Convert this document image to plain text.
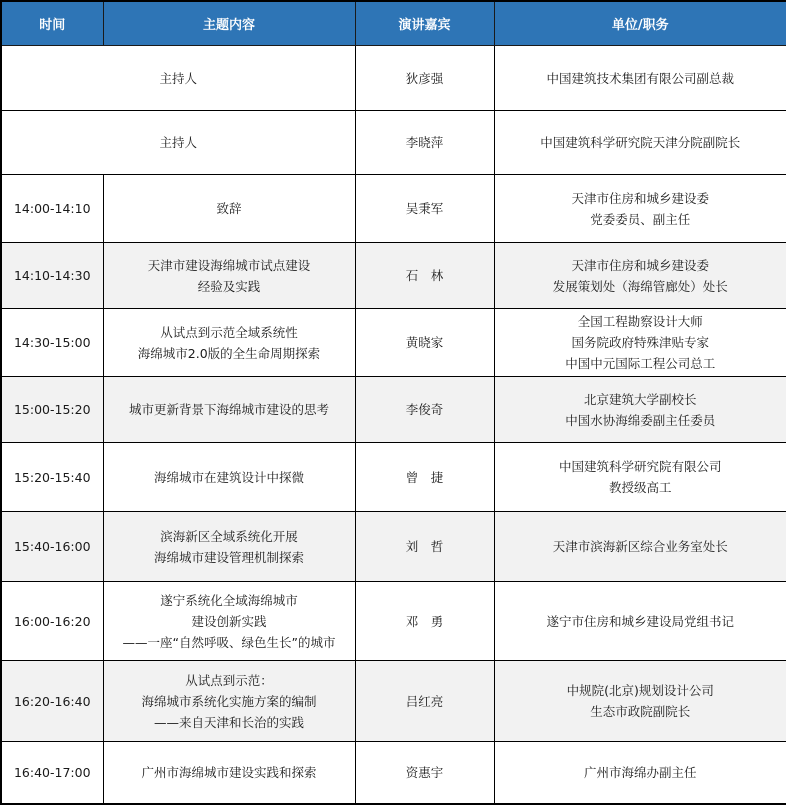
时间	主题内容	演讲嘉宾	单位/职务

主持人		狄彦强	中国建筑技术集团有限公司副总裁

主持人		李晓萍	中国建筑科学研究院天津分院副院长

14:00-14:10	致辞	吴秉军	天津市住房和城乡建设委
党委委员、副主任

14:10-14:30	天津市建设海绵城市试点建设
经验及实践	石　林	天津市住房和城乡建设委
发展策划处（海绵管廊处）处长

14:30-15:00	从试点到示范全域系统性
海绵城市2.0版的全生命周期探索	黄晓家	全国工程勘察设计大师
国务院政府特殊津贴专家
中国中元国际工程公司总工

15:00-15:20	城市更新背景下海绵城市建设的思考	李俊奇	北京建筑大学副校长
中国水协海绵委副主任委员

15:20-15:40	海绵城市在建筑设计中探微	曾　捷	中国建筑科学研究院有限公司
教授级高工

15:40-16:00	滨海新区全域系统化开展
海绵城市建设管理机制探索	刘　哲	天津市滨海新区综合业务室处长

16:00-16:20	遂宁系统化全域海绵城市
建设创新实践
——一座“自然呼吸、绿色生长”的城市	邓　勇	遂宁市住房和城乡建设局党组书记

16:20-16:40	从试点到示范：
海绵城市系统化实施方案的编制
——来自天津和长治的实践	吕红亮	中规院(北京)规划设计公司
生态市政院副院长

16:40-17:00	广州市海绵城市建设实践和探索	资惠宇	广州市海绵办副主任
